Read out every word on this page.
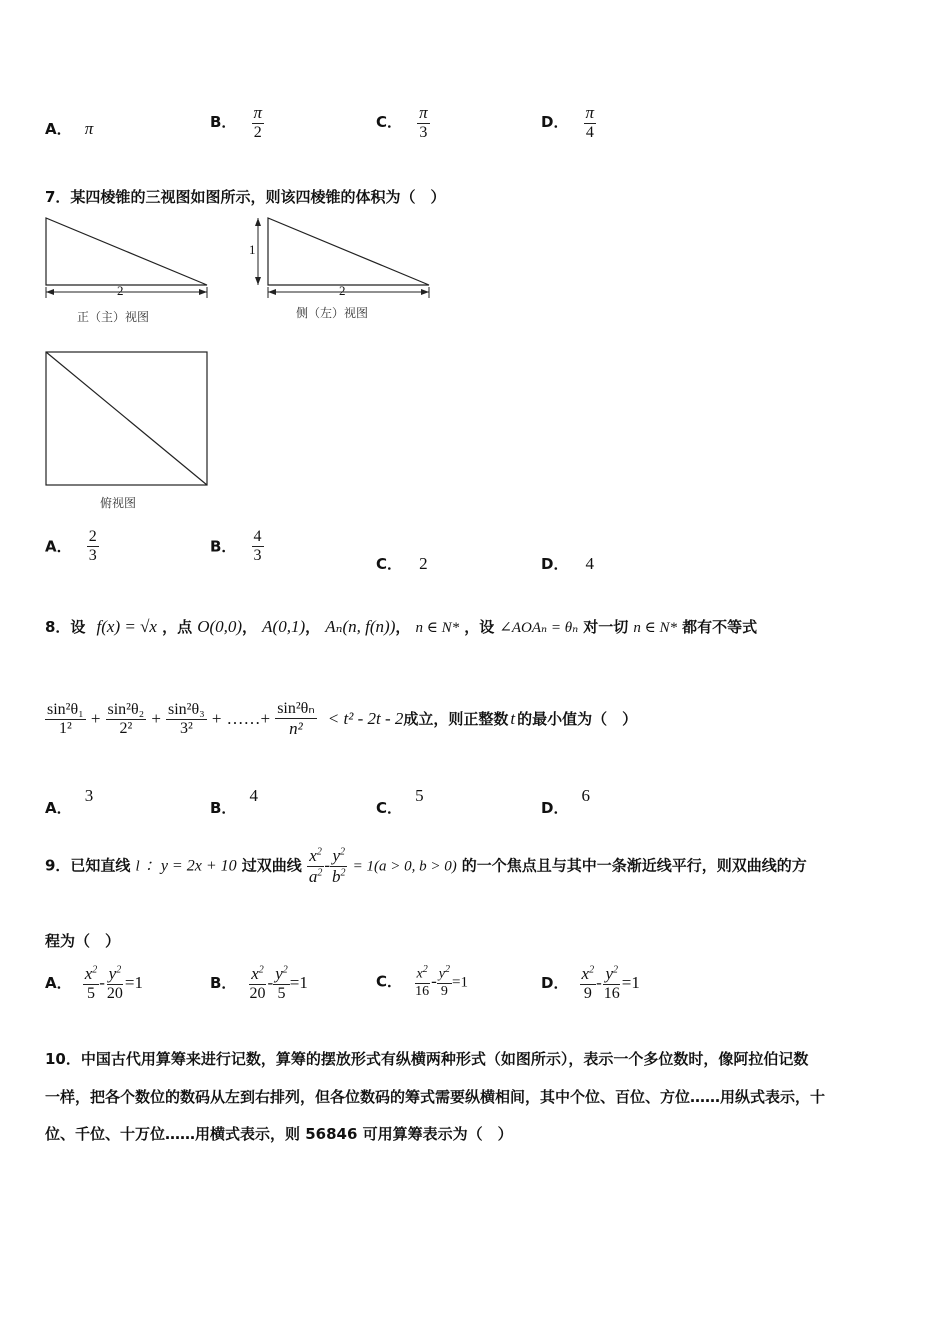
A． π	B． $\frac{\pi}{2}$	C． $\frac{\pi}{3}$	D． $\frac{\pi}{4}$
7．某四棱锥的三视图如图所示，则该四棱锥的体积为（　）
2
正（主）视图
1
2
侧（左）视图
俯视图
A． $\frac{2}{3}$	B． $\frac{4}{3}$	C． 2	D． 4
8．设 f(x) = √x ，点 O(0,0)， A(0,1)， Aₙ(n, f(n))， n ∈ N* ，设 ∠AOAₙ = θₙ 对一切 n ∈ N* 都有不等式
$\frac{\text{sin²θ₁}}{\text{1²}} + \frac{\text{sin²θ₂}}{\text{2²}} + \frac{\text{sin²θ₃}}{\text{3²}}$ + ……+ $\frac{\text{sin²θₙ}}{\text{n²}} < t^2 - 2t - 2$成立，则正整数 t 的最小值为（　）
A． 3
B． 4
C． 5
D． 6
9．已知直线 l ：y = 2x + 10 过双曲线 $\frac{x^2}{a^2} - \frac{y^2}{b^2} = 1(a > 0$, b > 0) 的一个焦点且与其中一条渐近线平行，则双曲线的方
程为（　）
A． $\frac{x^2}{5} - \frac{y^2}{20} =1$	B． $\frac{x^2}{20} - \frac{y^2}{5} =1$	C． $\frac{x^2}{16} - \frac{y^2}{9} =1$	D． $\frac{x^2}{9} - \frac{y^2}{16} =1$
10．中国古代用算筹来进行记数，算筹的摆放形式有纵横两种形式（如图所示），表示一个多位数时，像阿拉伯记数
一样，把各个数位的数码从左到右排列，但各位数码的筹式需要纵横相间，其中个位、百位、方位……用纵式表示，十
位、千位、十万位……用横式表示，则 56846 可用算筹表示为（　）
